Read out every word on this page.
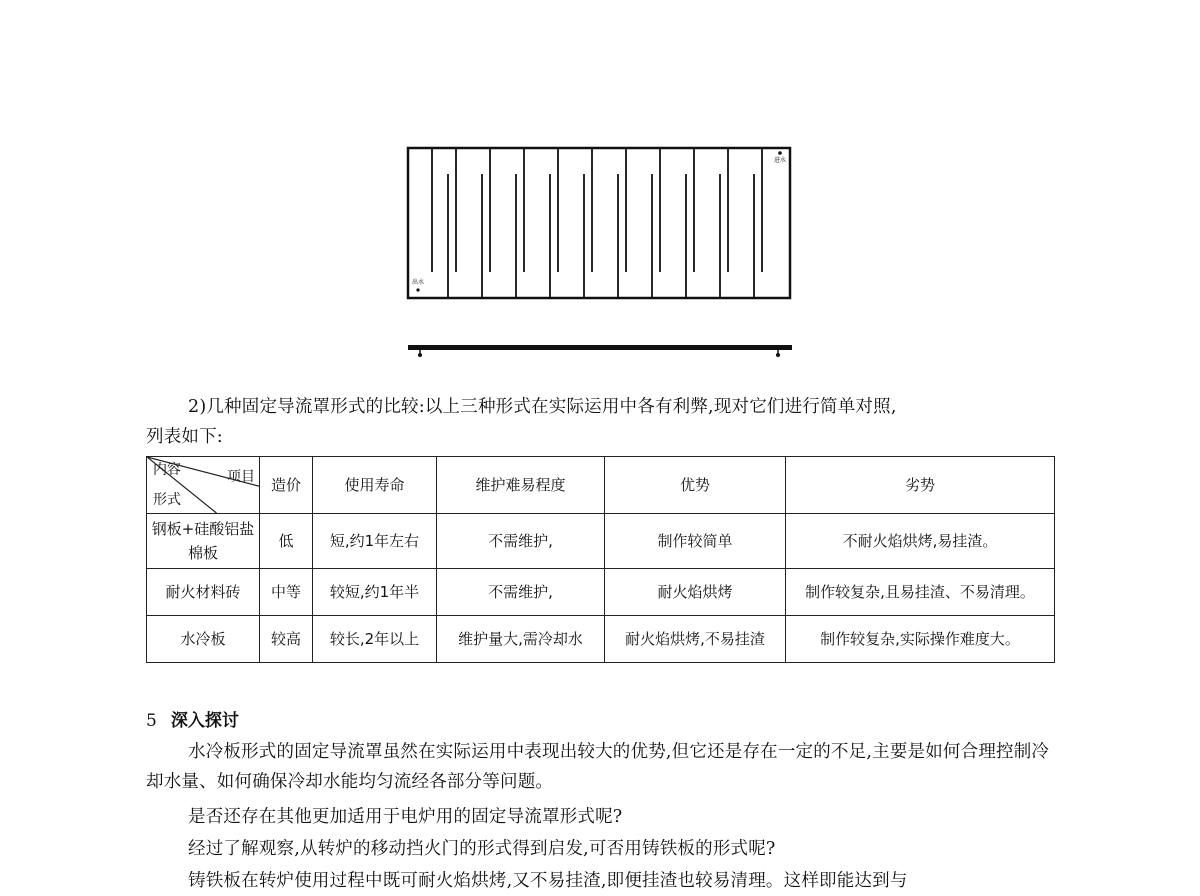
进水
出水

2)几种固定导流罩形式的比较:以上三种形式在实际运用中各有利弊,现对它们进行简单对照,

列表如下:

内容 项目
形式	造价	使用寿命	维护难易程度	优势	劣势
钢板+硅酸铝盐棉板	低	短,约1年左右	不需维护,	制作较简单	不耐火焰烘烤,易挂渣。
耐火材料砖	中等	较短,约1年半	不需维护,	耐火焰烘烤	制作较复杂,且易挂渣、不易清理。
水冷板	较高	较长,2年以上	维护量大,需冷却水	耐火焰烘烤,不易挂渣	制作较复杂,实际操作难度大。

5 深入探讨

水冷板形式的固定导流罩虽然在实际运用中表现出较大的优势,但它还是存在一定的不足,主要是如何合理控制冷却水量、如何确保冷却水能均匀流经各部分等问题。

是否还存在其他更加适用于电炉用的固定导流罩形式呢?

经过了解观察,从转炉的移动挡火门的形式得到启发,可否用铸铁板的形式呢?

铸铁板在转炉使用过程中既可耐火焰烘烤,又不易挂渣,即便挂渣也较易清理。这样即能达到与
